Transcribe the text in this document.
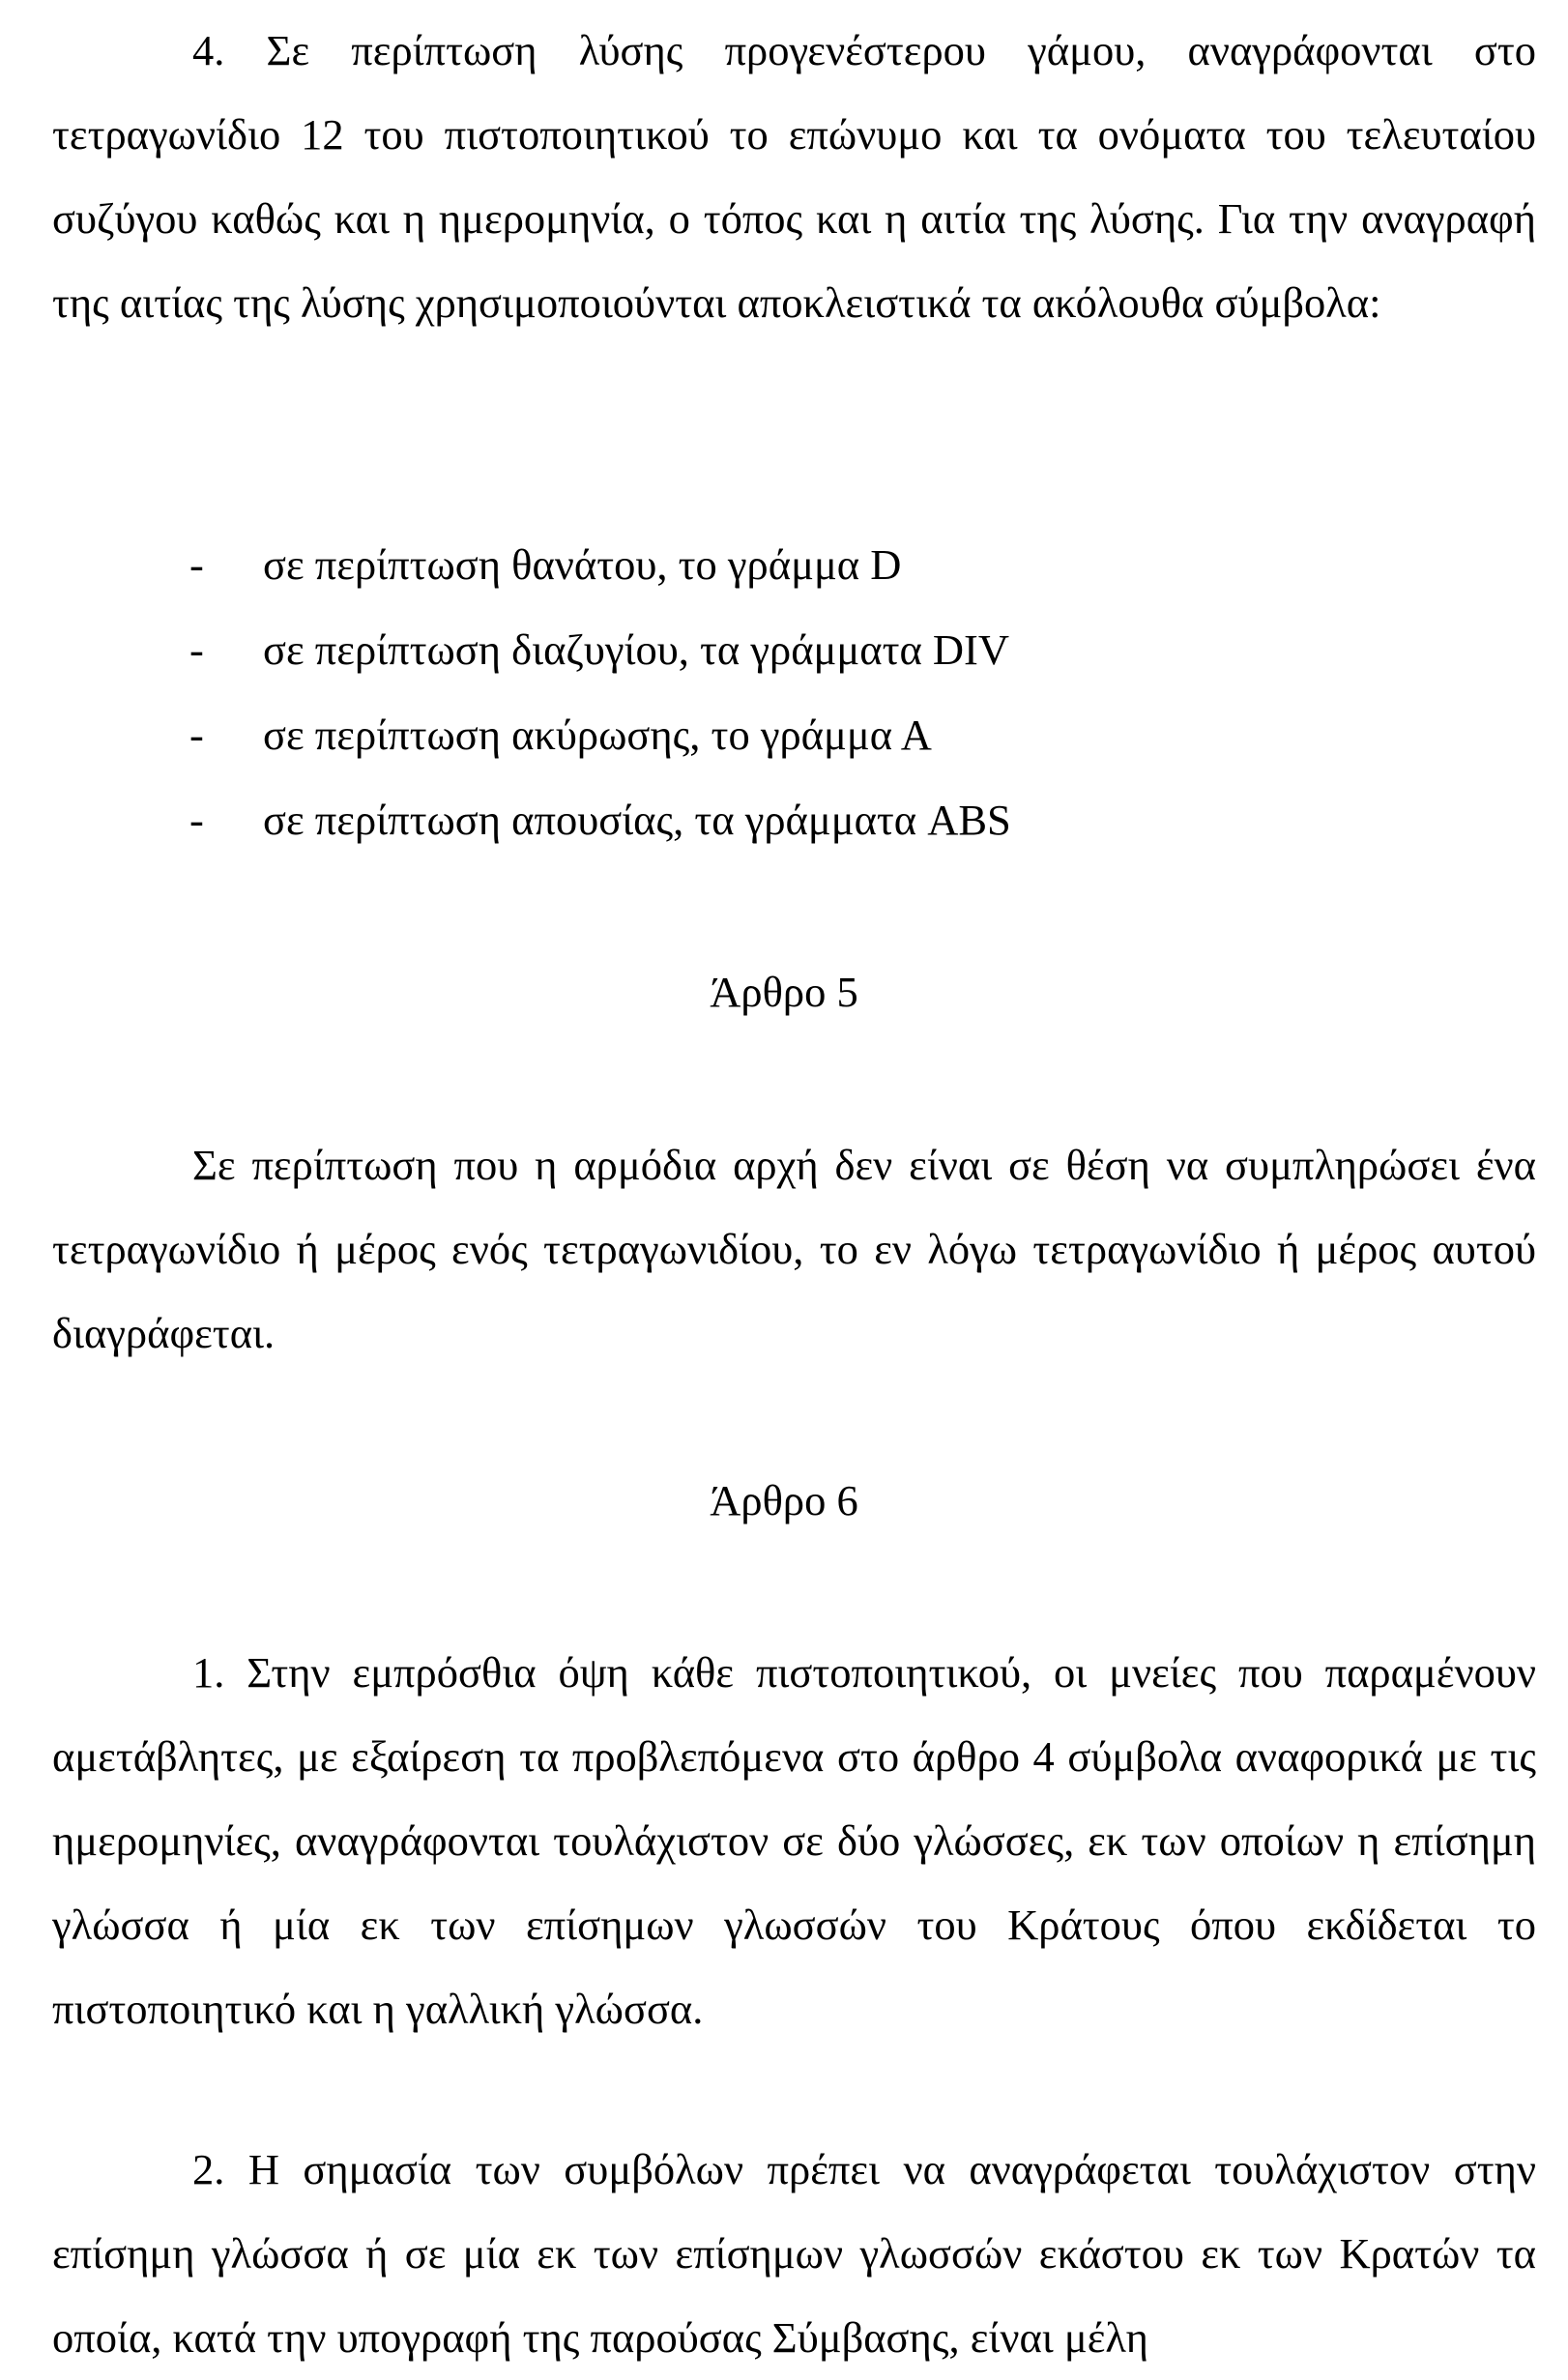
4. Σε περίπτωση λύσης προγενέστερου γάμου, αναγράφονται στο τετραγωνίδιο 12 του πιστοποιητικού το επώνυμο και τα ονόματα του τελευταίου συζύγου καθώς και η ημερομηνία, ο τόπος και η αιτία της λύσης. Για την αναγραφή της αιτίας της λύσης χρησιμοποιούνται αποκλειστικά τα ακόλουθα σύμβολα:

- σε περίπτωση θανάτου, το γράμμα D
- σε περίπτωση διαζυγίου, τα γράμματα DIV
- σε περίπτωση ακύρωσης, το γράμμα Α
- σε περίπτωση απουσίας, τα γράμματα ABS
Άρθρο 5

Σε περίπτωση που η αρμόδια αρχή δεν είναι σε θέση να συμπληρώσει ένα τετραγωνίδιο ή μέρος ενός τετραγωνιδίου, το εν λόγω τετραγωνίδιο ή μέρος αυτού διαγράφεται.

Άρθρο 6

1. Στην εμπρόσθια όψη κάθε πιστοποιητικού, οι μνείες που παραμένουν αμετάβλητες, με εξαίρεση τα προβλεπόμενα στο άρθρο 4 σύμβολα αναφορικά με τις ημερομηνίες, αναγράφονται τουλάχιστον σε δύο γλώσσες, εκ των οποίων η επίσημη γλώσσα ή μία εκ των επίσημων γλωσσών του Κράτους όπου εκδίδεται το πιστοποιητικό και η γαλλική γλώσσα.

2. Η σημασία των συμβόλων πρέπει να αναγράφεται τουλάχιστον στην επίσημη γλώσσα ή σε μία εκ των επίσημων γλωσσών εκάστου εκ των Κρατών τα οποία, κατά την υπογραφή της παρούσας Σύμβασης, είναι μέλη
